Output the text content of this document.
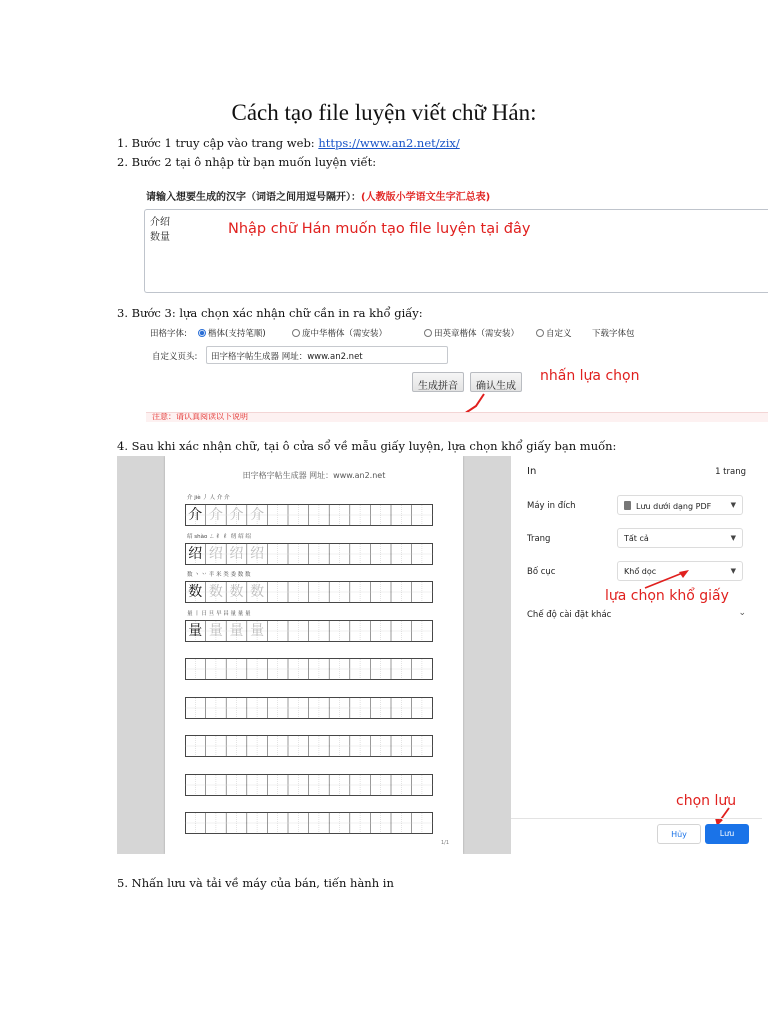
Cách tạo file luyện viết chữ Hán:
1. Bước 1 truy cập vào trang web: https://www.an2.net/zix/
2. Bước 2 tại ô nhập từ bạn muốn luyện viết:
请输入想要生成的汉字（词语之间用逗号隔开）：(人教版小学语文生字汇总表)
介绍
数量
Nhập chữ Hán muốn tạo file luyện tại đây
3. Bước 3: lựa chọn xác nhận chữ cần in ra khổ giấy:
田格字体:	楷体(支持笔顺)	庞中华楷体（需安装）	田英章楷体（需安装）	自定义 下载字体包
自定义页头:	田字格字帖生成器 网址：www.an2.net
生成拼音	确认生成
nhấn lựa chọn
注意：请认真阅读以下说明
4. Sau khi xác nhận chữ, tại ô cửa sổ về mẫu giấy luyện, lựa chọn khổ giấy bạn muốn:
田字格字帖生成器 网址：www.an2.net
介 jiè 丿 人 介 介
介 介 介 介
绍 shào ㄥ 纟 纟 纫 绍 绍
绍 绍 绍 绍
数 丶 丷 半 米 类 娄 数 数
数 数 数 数
量 丨 日 旦 早 昌 量 量 量
量 量 量 量
1/1
In	1 trang
Máy in đích	Lưu dưới dạng PDF	▼
Trang	Tất cả	▼
Bố cục	Khổ dọc	▼
lựa chọn khổ giấy
Chế độ cài đặt khác	⌄
chọn lưu
Hủy	Lưu
5. Nhấn lưu và tải về máy của bán, tiến hành in
